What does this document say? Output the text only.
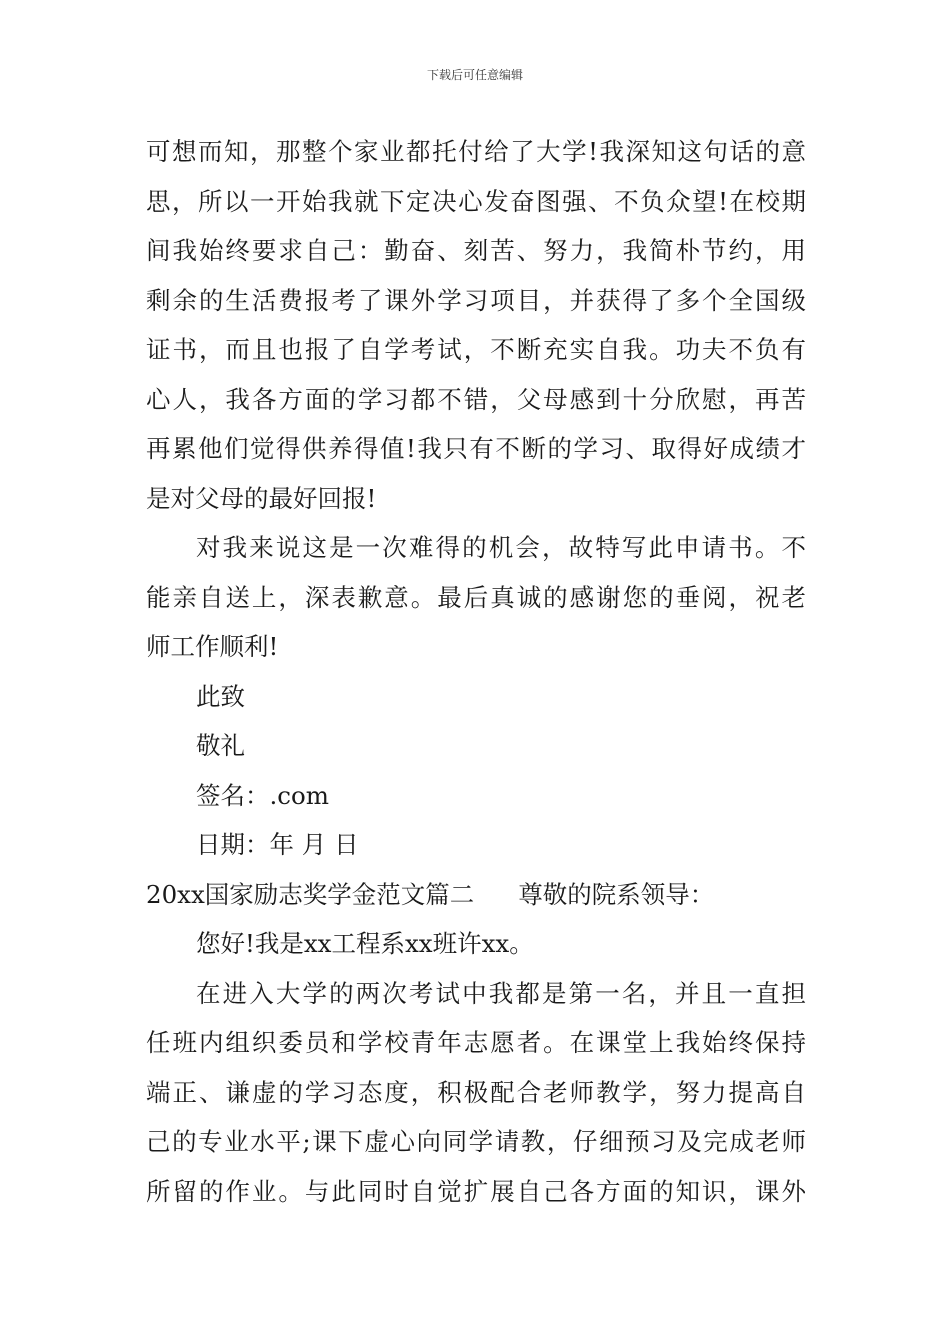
下载后可任意编辑
可想而知，那整个家业都托付给了大学!我深知这句话的意
思，所以一开始我就下定决心发奋图强、不负众望!在校期
间我始终要求自己：勤奋、刻苦、努力，我简朴节约，用
剩余的生活费报考了课外学习项目，并获得了多个全国级
证书，而且也报了自学考试，不断充实自我。功夫不负有
心人，我各方面的学习都不错，父母感到十分欣慰，再苦
再累他们觉得供养得值!我只有不断的学习、取得好成绩才
是对父母的最好回报!
对我来说这是一次难得的机会，故特写此申请书。不
能亲自送上，深表歉意。最后真诚的感谢您的垂阅，祝老
师工作顺利!
此致
敬礼
签名：.com
日期：年 月 日
20xx国家励志奖学金范文篇二 尊敬的院系领导：
您好!我是xx工程系xx班许xx。
在进入大学的两次考试中我都是第一名，并且一直担
任班内组织委员和学校青年志愿者。在课堂上我始终保持
端正、谦虚的学习态度，积极配合老师教学，努力提高自
己的专业水平;课下虚心向同学请教，仔细预习及完成老师
所留的作业。与此同时自觉扩展自己各方面的知识，课外
